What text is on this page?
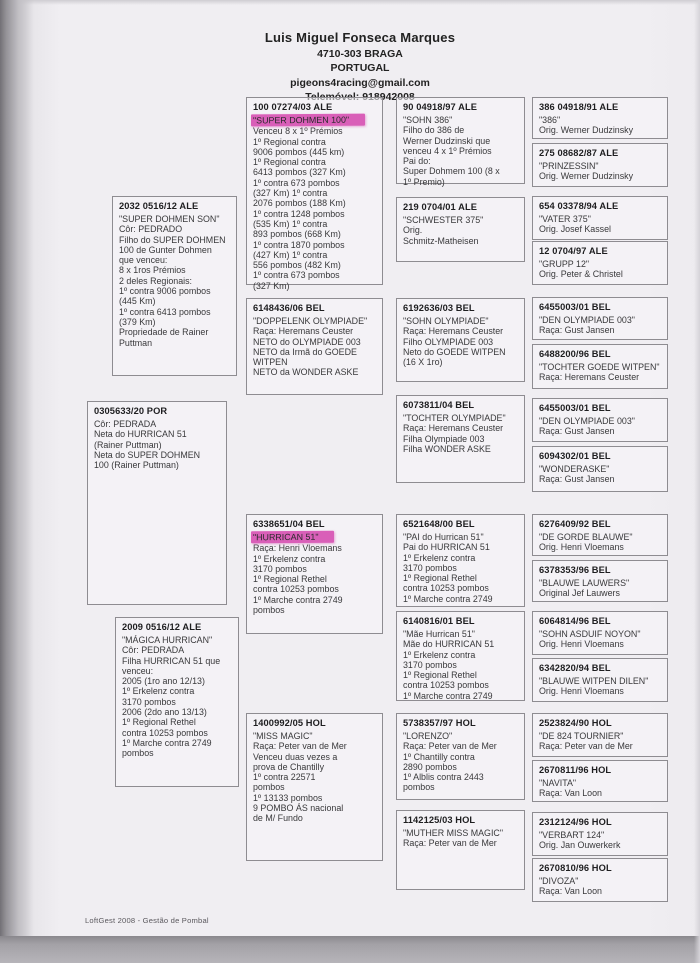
Luis Miguel Fonseca Marques
4710-303 BRAGA
PORTUGAL
pigeons4racing@gmail.com
918942008
2032 0516/12 ALE
"SUPER DOHMEN SON"
Côr: PEDRADO
Filho do SUPER DOHMEN
100 de Gunter Dohmen
que venceu:
8 x 1ros Prémios
2 deles Regionais:
1º contra 9006 pombos
(445 Km)
1º contra 6413 pombos
(379 Km)
Propriedade de Rainer
Puttman
0305633/20 POR
Côr: PEDRADA
Neta do HURRICAN 51
(Rainer Puttman)
Neta do SUPER DOHMEN
100 (Rainer Puttman)
2009 0516/12 ALE
"MÁGICA HURRICAN"
Côr: PEDRADA
Filha HURRICAN 51 que
venceu:
2005 (1ro ano 12/13)
1º Erkelenz contra
3170 pombos
2006 (2do ano 13/13)
1º Regional Rethel
contra 10253 pombos
1º Marche contra 2749
pombos
100 07274/03 ALE
"SUPER DOHMEN 100"
Venceu 8 x 1º Prémios
1º Regional contra
9006 pombos (445 km)
1º Regional contra
6413 pombos (327 Km)
1º contra 673 pombos
(327 Km) 1º contra
2076 pombos (188 Km)
1º contra 1248 pombos
(535 Km) 1º contra
893 pombos (668 Km)
1º contra 1870 pombos
(427 Km) 1º contra
556 pombos (482 Km)
1º contra 673 pombos
(327 Km)
6148436/06 BEL
"DOPPELENK OLYMPIADE"
Raça: Heremans Ceuster
NETO do OLYMPIADE 003
NETO da Irmã do GOEDE
WITPEN
NETO da WONDER ASKE
6338651/04 BEL
"HURRICAN 51"
Raça: Henri Vloemans
1º Erkelenz contra
3170 pombos
1º Regional Rethel
contra 10253 pombos
1º Marche contra 2749
pombos
1400992/05 HOL
"MISS MAGIC"
Raça: Peter van de Mer
Venceu duas vezes a
prova de Chantilly
1º contra 22571
pombos
1º 13133 pombos
9 POMBO ÁS nacional
de M/ Fundo
90 04918/97 ALE
"SOHN 386"
Filho do 386 de
Werner Dudzinski que
venceu 4 x 1º Prémios
Pai do:
Super Dohmem 100 (8 x
1º Premio)
219 0704/01 ALE
"SCHWESTER 375"
Orig.
Schmitz-Matheisen
6192636/03 BEL
"SOHN OLYMPIADE"
Raça: Heremans Ceuster
Filho OLYMPIADE 003
Neto do GOEDE WITPEN
(16 X 1ro)
6073811/04 BEL
"TOCHTER OLYMPIADE"
Raça: Heremans Ceuster
Filha Olympiade 003
Filha WONDER ASKE
6521648/00 BEL
"PAI do Hurrican 51"
Pai do HURRICAN 51
1º Erkelenz contra
3170 pombos
1º Regional Rethel
contra 10253 pombos
1º Marche contra 2749
6140816/01 BEL
"Mãe Hurrican 51"
Mãe do HURRICAN 51
1º Erkelenz contra
3170 pombos
1º Regional Rethel
contra 10253 pombos
1º Marche contra 2749
5738357/97 HOL
"LORENZO"
Raça: Peter van de Mer
1º Chantilly contra
2890 pombos
1º Alblis contra 2443
pombos
1142125/03 HOL
"MUTHER MISS MAGIC"
Raça: Peter van de Mer
386 04918/91 ALE
"386"
Orig. Werner Dudzinsky
275 08682/87 ALE
"PRINZESSIN"
Orig. Werner Dudzinsky
654 03378/94 ALE
"VATER 375"
Orig. Josef Kassel
12 0704/97 ALE
"GRUPP 12"
Orig. Peter & Christel
6455003/01 BEL
"DEN OLYMPIADE 003"
Raça: Gust Jansen
6488200/96 BEL
"TOCHTER GOEDE WITPEN"
Raça: Heremans Ceuster
6455003/01 BEL
"DEN OLYMPIADE 003"
Raça: Gust Jansen
6094302/01 BEL
"WONDERASKE"
Raça: Gust Jansen
6276409/92 BEL
"DE GORDE BLAUWE"
Orig. Henri Vloemans
6378353/96 BEL
"BLAUWE LAUWERS"
Original Jef Lauwers
6064814/96 BEL
"SOHN ASDUIF NOYON"
Orig. Henri Vloemans
6342820/94 BEL
"BLAUWE WITPEN DILEN"
Orig. Henri Vloemans
2523824/90 HOL
"DE 824 TOURNIER"
Raça: Peter van de Mer
2670811/96 HOL
"NAVITA"
Raça: Van Loon
2312124/96 HOL
"VERBART 124"
Orig. Jan Ouwerkerk
2670810/96 HOL
"DIVOZA"
Raça: Van Loon
LoftGest 2008 - Gestão de Pombal
